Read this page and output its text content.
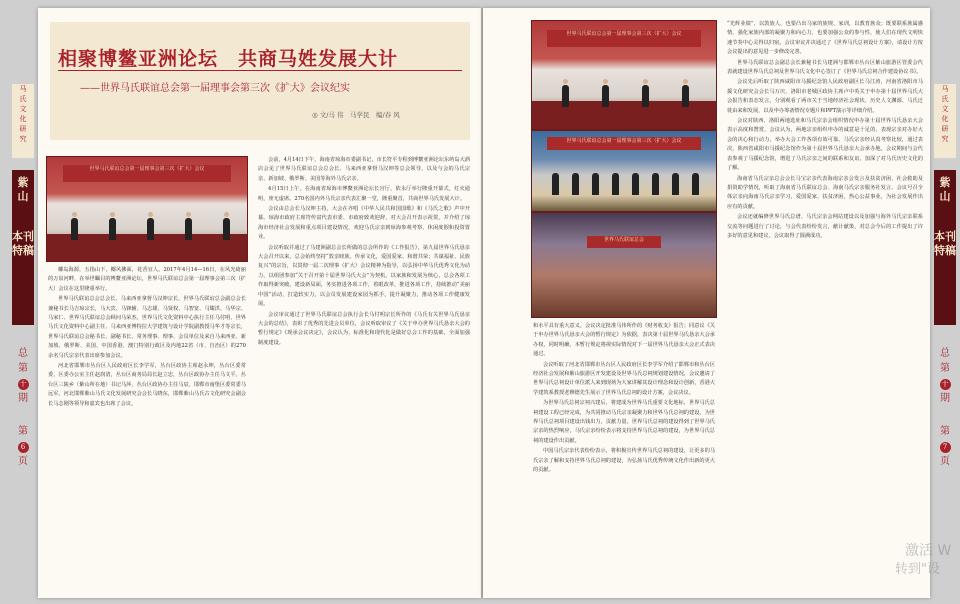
相聚博鳌亚洲论坛　共商马姓发展大计
——世界马氏联谊总会第一届理事会第三次《扩大》会议纪实
◎ 文/马 伟　马学民　编/春 风
世界马氏联谊总会第一届理事会第三次（扩大）会议

椰岛海源，五指山下，椰风拂面，花香宜人。2017年4月14—16日，在风光绮丽的万泉河畔，在举世瞩目的博鳌亚洲论坛，世界马氏联谊总会第一届理事会第三次（扩大）会议在这里隆重举行。

世界马氏联谊总会总会长、马来西亚拿督马汉坤宗长，世界马氏联谊总会副总会长兼秘书长马吉琼宗长，马大宾、马锋辅、马志雄、马贤权、马智宽、马耀洪、马华宗、马家仁、世界马氏联谊总会顾问马荣杰、世界马氏文化资料中心执行主任马付明、世界马氏文化资料中心副主任、马来西亚博特拉大学建筑与设计学院副教授马华才等宗长，世界马氏联谊总会秘书长、副秘书长、常务理事、理事、会员单位及来自马来西亚、新加坡、俄罗斯、美国、中国香港、澳门特别行政区及内地22省（市、自治区）的270余名马氏宗亲代表出席参加会议。

河北省邯郸市丛台区人民政府区长李学军，丛台区政协主席赵永坤，丛台区委常委、区委办公室主任赵润清，丛台区商务局局长赵立忠，丛台区政协办主任马文平，丛台区三陵乡（紫山所在地）书记马萍，丛台区政协办主任马辰、邯郸市南堡区委常委马远军，河北邯郸紫山马氏文化发展研究会会长马晓东，邯郸紫山马氏古文化研究会副会长马志刚等领导和嘉宾也出席了会议。

会前，4月14日下午，海南省琼海市委副书记、市长符平专程到博鳌亚洲论坛东屿岛大酒店会见了世界马氏联谊总会总会长、马来西亚拿督马汉坤等总会领导，以及与会的马氏宗亲、新加坡、俄罗斯、美国等海外马氏宗亲。

4月15日上午，在海南省琼海市博鳌亚洲论坛长宫厅，依永厅举行隆重开幕式，灯火通明，座无虚席。270名国内外马氏宗亲代表汇聚一堂，隆重聚首，共商世界马氏发展大计。

会议由总会长马汉坤主持，大会在齐唱《中华人民共和国国歌》和《马氏之歌》声中开幕。琼海市政府主席符传富代表市委、市政府致欢迎辞，对大会召开表示祝贺，并介绍了琼海市经济社会发展和重点项目建设情况，欢迎马氏宗亲到琼海参观考察、休闲度假和投资置业。

会议听取并通过了马建洲副总会长所做的总会所作的《工作报告》，第九届世界马氏恳亲大会召开以来，总会始终坚持“敦亲睦族、传承文化，爱国爱家、和谐共荣；共谋福祉、民族复兴”的宗旨，以贯彻一届二次理事（扩大）会议精神为指导，以弘扬中华马氏优秀文化为动力，以组团参加“关于召开第十届世界马氏大会”为契机，以家族和发展为核心，总会各项工作取得新突破，建设新局面，务实推进各项工作，着眼改革，推进各项工作，持续推动“美丽中国”活动，打造软实力，以会员发展建设家园为抓手，提升凝聚力，推动各项工作健康发展。

会议审议通过了世界马氏联谊总会执行会长马付明宗长所作的《马氏有关世界马氏恳亲大会的总结》，表彰了优秀的先进会员单位，会议听取审议了《关于申办世界马氏恳亲大会的暂行规定》《现承会议决定》，会议认为，标准化和现代化是做好总会工作的基础，全面加强制度建设。

世界马氏联谊总会第一届理事会第三次（扩大）会议
世界马氏联谊总会第一届理事会第三次（扩大）会议
世界马氏联谊总会

和水平具有重大意义。会议决定批准马伟所作的《财务收支》报告；同意议《关于申办世界马氏恳亲大会的暂行规定》为依据，表决第十届世界马氏恳亲大会承办权，同时明确，本暂行规定将视实际情况对下一届世界马氏恳亲大会正式表决通过。

会议听取了河北省邯郸市丛台区人民政府区长李学军介绍了邯郸市和丛台区经济社会发展和紫山旅游区开发建设及世界马氏总祠规划建设情况，会议邀请了世界马氏总祠设计单位派人来到现场为大家讲解其设计理念和设计创新，香港大学建筑系教授老穆德先生展示了世界马氏总祠的设计方案，会议决议。

为世界马氏总祠宗祠兴建后，将建成为世界马氏重要文化地标，世界马氏总祠建设工程已经完成，为共同推动马氏宗亲凝聚力和世界马氏总祠的建设，为世界马氏总祠项目建设出钱出力，贡献力量。世界马氏总祠的建设得到了世界马氏宗亲的热烈响应，马氏宗亲纷纷表示将支持世界马氏总祠的建设，为世界马氏总祠的建设作出贡献。

中国马氏宗亲代表纷纷表示，将积极宣传世界马氏总祠的建设，让更多的马氏宗亲了解和支持世界马氏总祠的建设，为弘扬马氏优秀传统文化作出新的更大的贡献。

“光辉业绩”，以敦族人，也要凸出马家的族规、家训，以教育族众；既要联系族属感情，强化家族内部的凝聚力和向心力，也要加强公众的参与性，使人们在现代文明快速节奏中心灵得以归宿。会议审议并决通过了《世界马氏总祠设计方案》，请设计方按会议提出的意见进一步修改完善。

世界马氏联谊总会副总会长兼秘书长马建洲与邯郸市丛台区紫山旅游区管委会代表就建设世界马氏总祠及世界马氏文化中心签订了《世界马氏总祠合作建设协议书》。

会议先后听取了陕西咸阳市马援纪念馆人民政府副区长马江涛，河南省洛阳市马援文化研究会会长马万庆，洛阳市老城区政协主席卢中英关于申办第十届世界马氏大会报告和表态发言，分别观看了两市关于当地经济社会现状、历史人文渊源、马氏迁徙由来和发展，以及申办筹备情况专题片和PPT演示等详细介绍。

会议对陕西、洛阳两地选址和马氏宗亲会组织情况申办第十届世界马氏恳亲大会表示高度和赞赏，会议认为，两地宗亲组织申办的诚意是十足的，表现宗亲对办好大会的决心和行动力，举办大会工作各项有效可靠。马氏宗亲经认真考察比较，通过表决，陕西省咸阳市马援纪念馆作为第十届世界马氏恳亲大会承办地，会议期间与会代表参观了马援纪念馆，增进了马氏宗亲之间的联系和友谊，加深了对马氏历史文化的了解。

海南省马氏宗亲总会会长马宝宗亲代表海南宗亲会发言及扶贫济困、社会救助及捐资助学情况，听取了海南省马氏联谊总会、海南马氏宗亲服务社发言，会议号召全体宗亲向海南马氏宗亲学习，爱国爱家，扶贫济困，热心公益事业，为社会发展作出应有的贡献。

会议还就编修世界马氏总谱、马氏宗亲会网站建设以及加强与海外马氏宗亲联系交流等问题进行了讨论，与会代表纷纷发言，献计献策，对总会今后的工作提出了许多好的意见和建议，会议取得了圆满成功。

马
氏
文
化
研
究
紫 山
本刊特稿
总
第
十
期
第
6
页
马
氏
文
化
研
究
紫 山
本刊特稿
总
第
十
期
第
7
页
激活 W
转到"设
